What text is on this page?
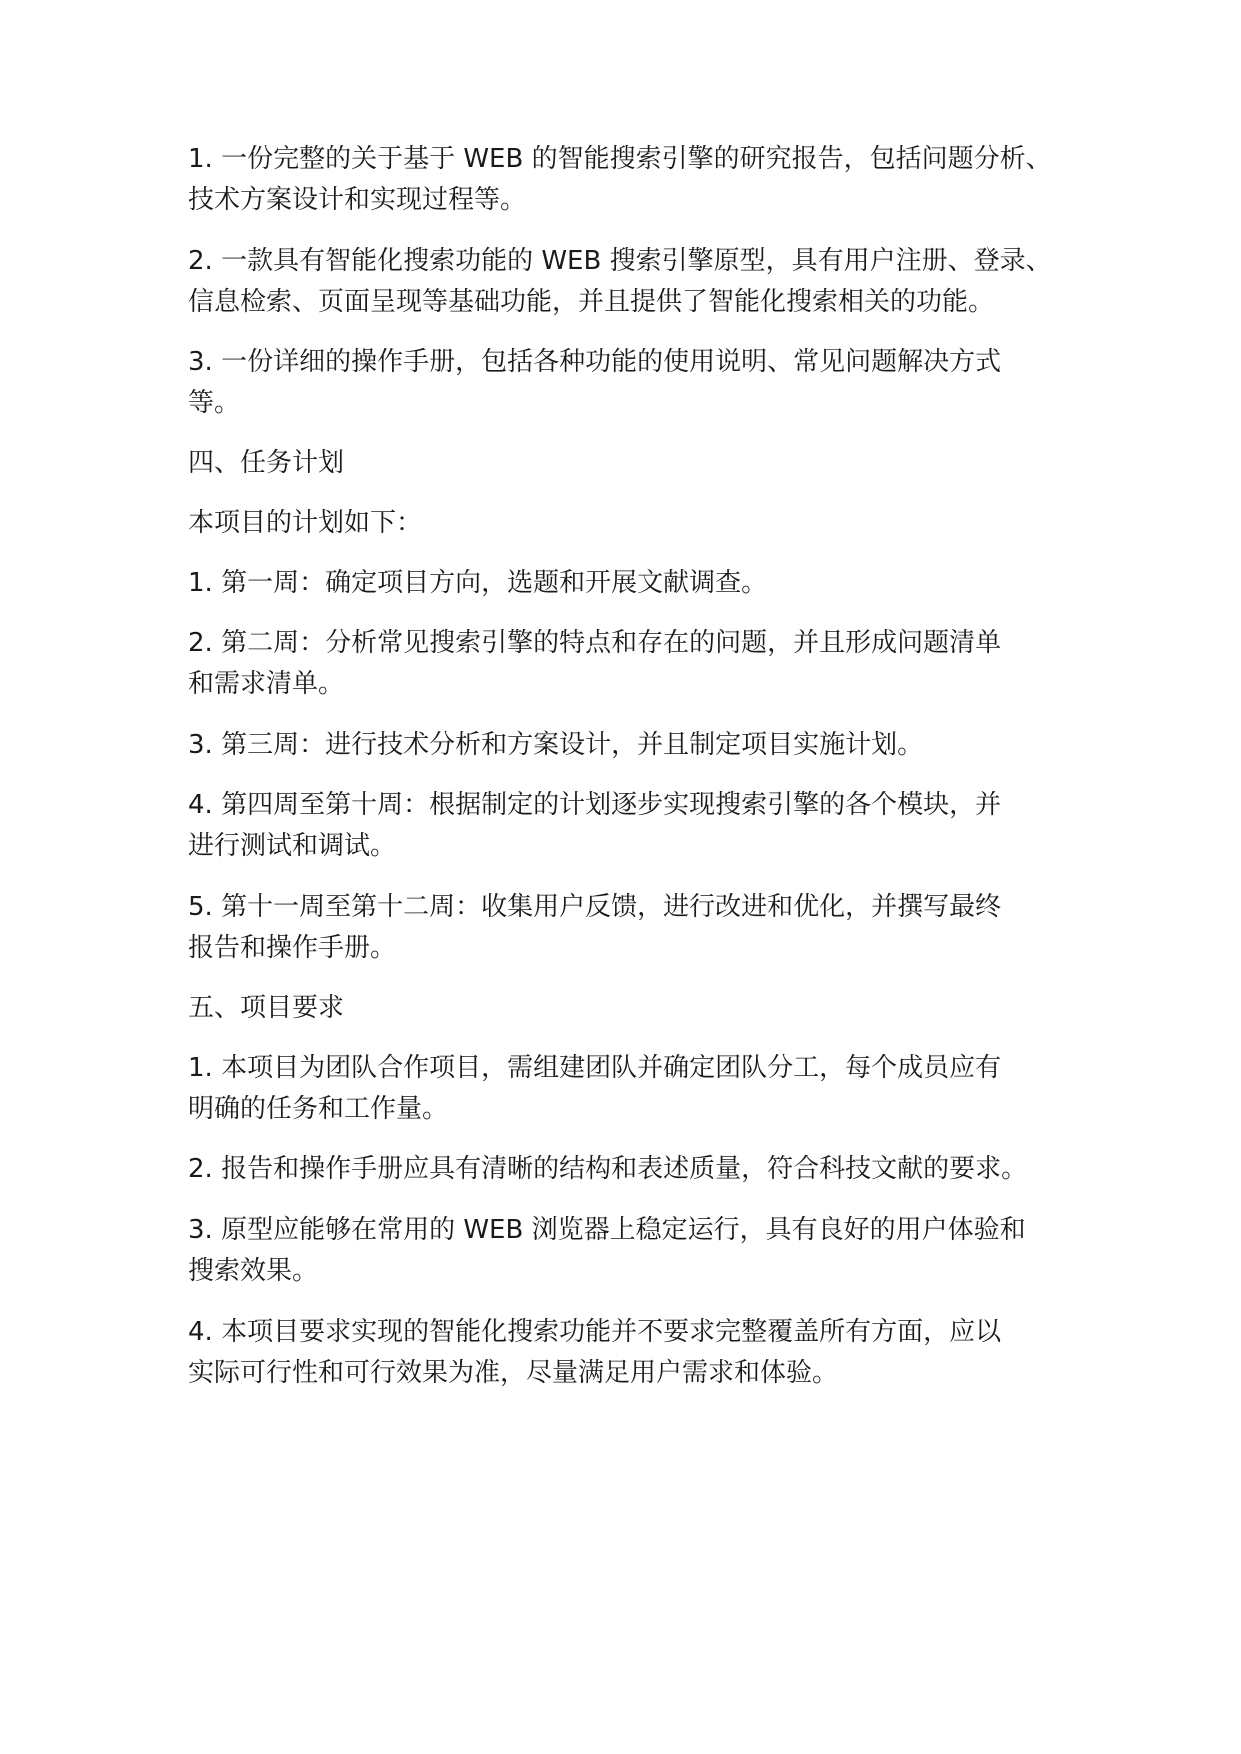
1. 一份完整的关于基于 WEB 的智能搜索引擎的研究报告，包括问题分析、
技术方案设计和实现过程等。
2. 一款具有智能化搜索功能的 WEB 搜索引擎原型，具有用户注册、登录、
信息检索、页面呈现等基础功能，并且提供了智能化搜索相关的功能。
3. 一份详细的操作手册，包括各种功能的使用说明、常见问题解决方式
等。
四、任务计划
本项目的计划如下：
1. 第一周：确定项目方向，选题和开展文献调查。
2. 第二周：分析常见搜索引擎的特点和存在的问题，并且形成问题清单
和需求清单。
3. 第三周：进行技术分析和方案设计，并且制定项目实施计划。
4. 第四周至第十周：根据制定的计划逐步实现搜索引擎的各个模块，并
进行测试和调试。
5. 第十一周至第十二周：收集用户反馈，进行改进和优化，并撰写最终
报告和操作手册。
五、项目要求
1. 本项目为团队合作项目，需组建团队并确定团队分工，每个成员应有
明确的任务和工作量。
2. 报告和操作手册应具有清晰的结构和表述质量，符合科技文献的要求。
3. 原型应能够在常用的 WEB 浏览器上稳定运行，具有良好的用户体验和
搜索效果。
4. 本项目要求实现的智能化搜索功能并不要求完整覆盖所有方面，应以
实际可行性和可行效果为准，尽量满足用户需求和体验。
